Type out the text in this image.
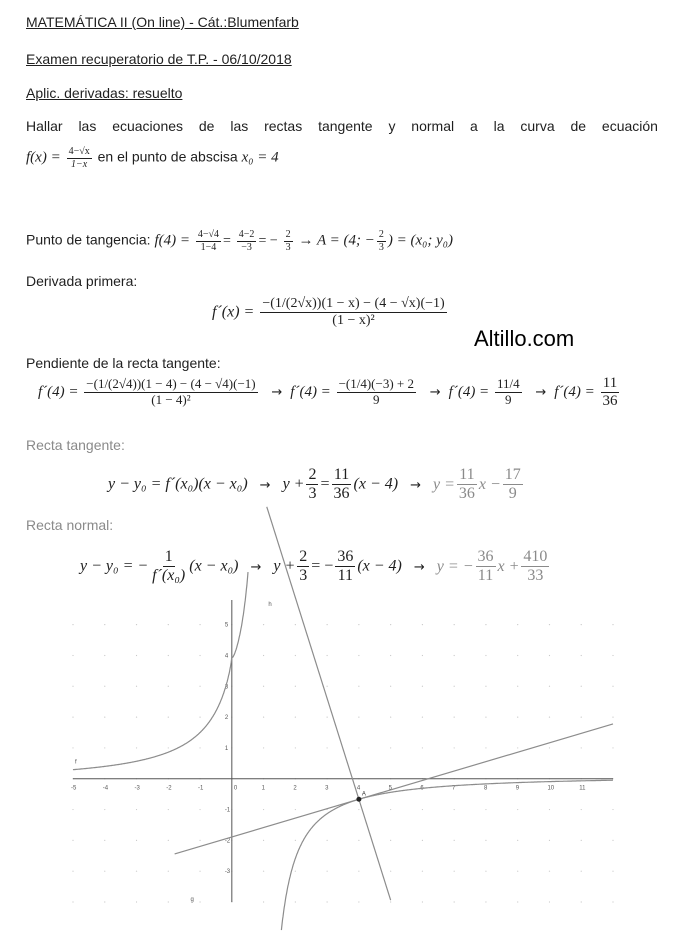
MATEMÁTICA II (On line) - Cát.:Blumenfarb
Examen recuperatorio de T.P. - 06/10/2018
Aplic. derivadas: resuelto
Hallar las ecuaciones de las rectas tangente y normal a la curva de ecuación
$f(x) = \frac{4-√x}{1-x}$ en el punto de abscisa x₀ = 4
Punto de tangencia: $f(4) = \frac{4-√4}{1-4} = \frac{4-2}{-3}$ = − $\frac{2}{3} \to A = (4$; − $\frac{2}{3}$ ) = (x₀; y₀)
Derivada primera:
f´(x) = $\frac{-(1/(2√x))(1 - x) - (4 - √x)(-1)}{\text{(1 − x)²}}$
Altillo.com
Pendiente de la recta tangente:
f´(4) = $\frac{-(1/(2√4))(1 - 4) - (4 - √4)(-1)}{\text{(1 − 4)²}}$ → f´(4) = $\frac{-(1/4)(-3) + 2}{9}$ → f´(4) = $\frac{11/4}{9}$ → f´(4) = $\frac{11}{36}$
Recta tangente:
y − y₀ = f´(x₀)(x − $x_0) \to y + \frac{2}{3} = \frac{11}{36} (x - 4) \to y = \frac{11}{36}$ $x - \frac{17}{9}$
Recta normal:
y − y₀ = − $\frac{1}{\text{f´(x₀)}} (x - x_0) \to y + \frac{2}{3}$ = − $\frac{36}{11} (x - 4) \to y$ = − $\frac{36}{11}$ $x + \frac{410}{33}$
-5	-4	-3	-2	-1	0	1	2	3	4	5	6	7	8	9	10	11
5
4
3
2
1
-1
-2
-3
A
h
f
g
